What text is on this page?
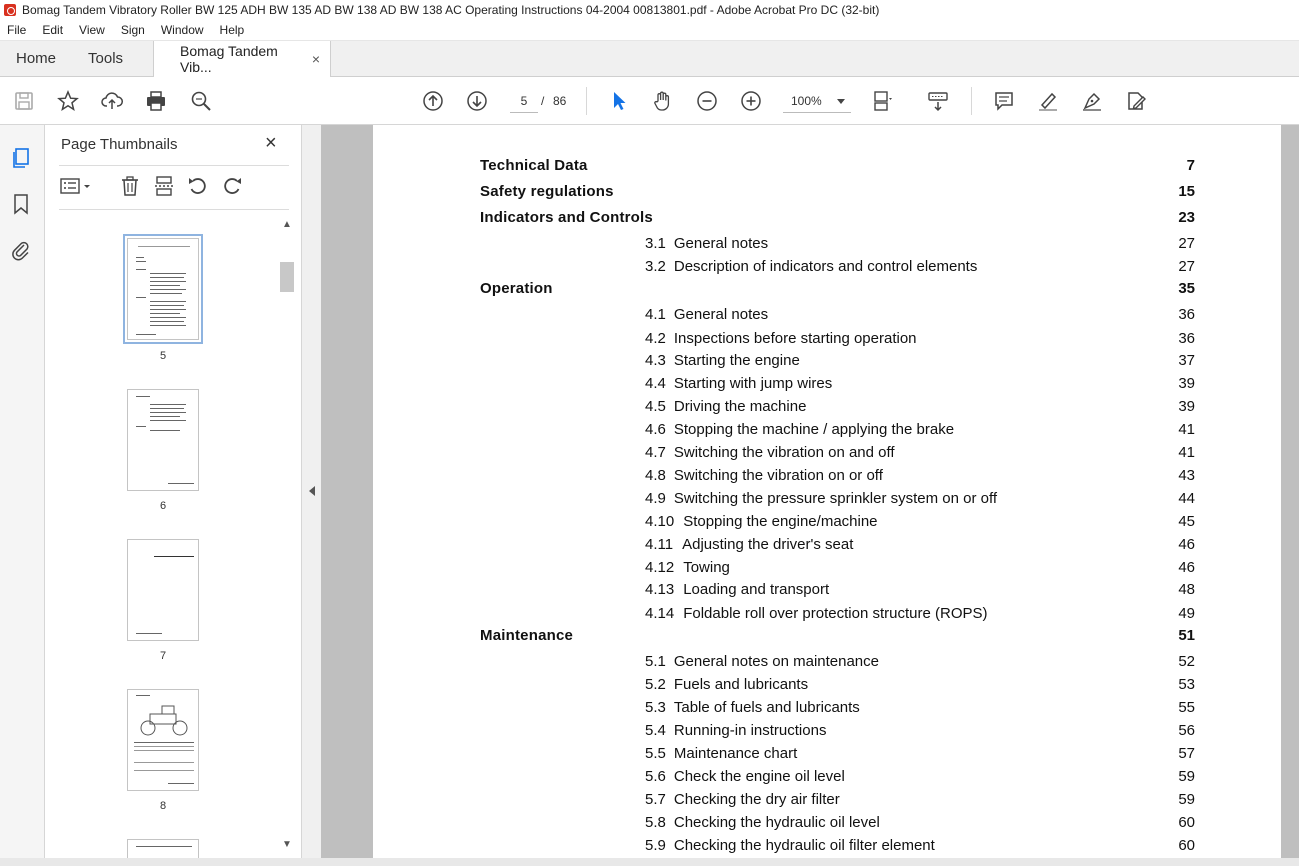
Bomag Tandem Vibratory Roller BW 125 ADH BW 135 AD BW 138 AD BW 138 AC Operating Instructions 04-2004 00813801.pdf - Adobe Acrobat Pro DC (32-bit)
File Edit View Sign Window Help
Home	Tools	Bomag Tandem Vib...	×
5	/ 86	100%
Page Thumbnails	×
▲
▼
5
6
7
8
Technical Data	7
Safety regulations	15
Indicators and Controls	23
3.1 General notes	27
3.2 Description of indicators and control elements	27
Operation	35
4.1 General notes	36
4.2 Inspections before starting operation	36
4.3 Starting the engine	37
4.4 Starting with jump wires	39
4.5 Driving the machine	39
4.6 Stopping the machine / applying the brake	41
4.7 Switching the vibration on and off	41
4.8 Switching the vibration on or off	43
4.9 Switching the pressure sprinkler system on or off	44
4.10 Stopping the engine/machine	45
4.11 Adjusting the driver's seat	46
4.12 Towing	46
4.13 Loading and transport	48
4.14 Foldable roll over protection structure (ROPS)	49
Maintenance	51
5.1 General notes on maintenance	52
5.2 Fuels and lubricants	53
5.3 Table of fuels and lubricants	55
5.4 Running-in instructions	56
5.5 Maintenance chart	57
5.6 Check the engine oil level	59
5.7 Checking the dry air filter	59
5.8 Checking the hydraulic oil level	60
5.9 Checking the hydraulic oil filter element	60
